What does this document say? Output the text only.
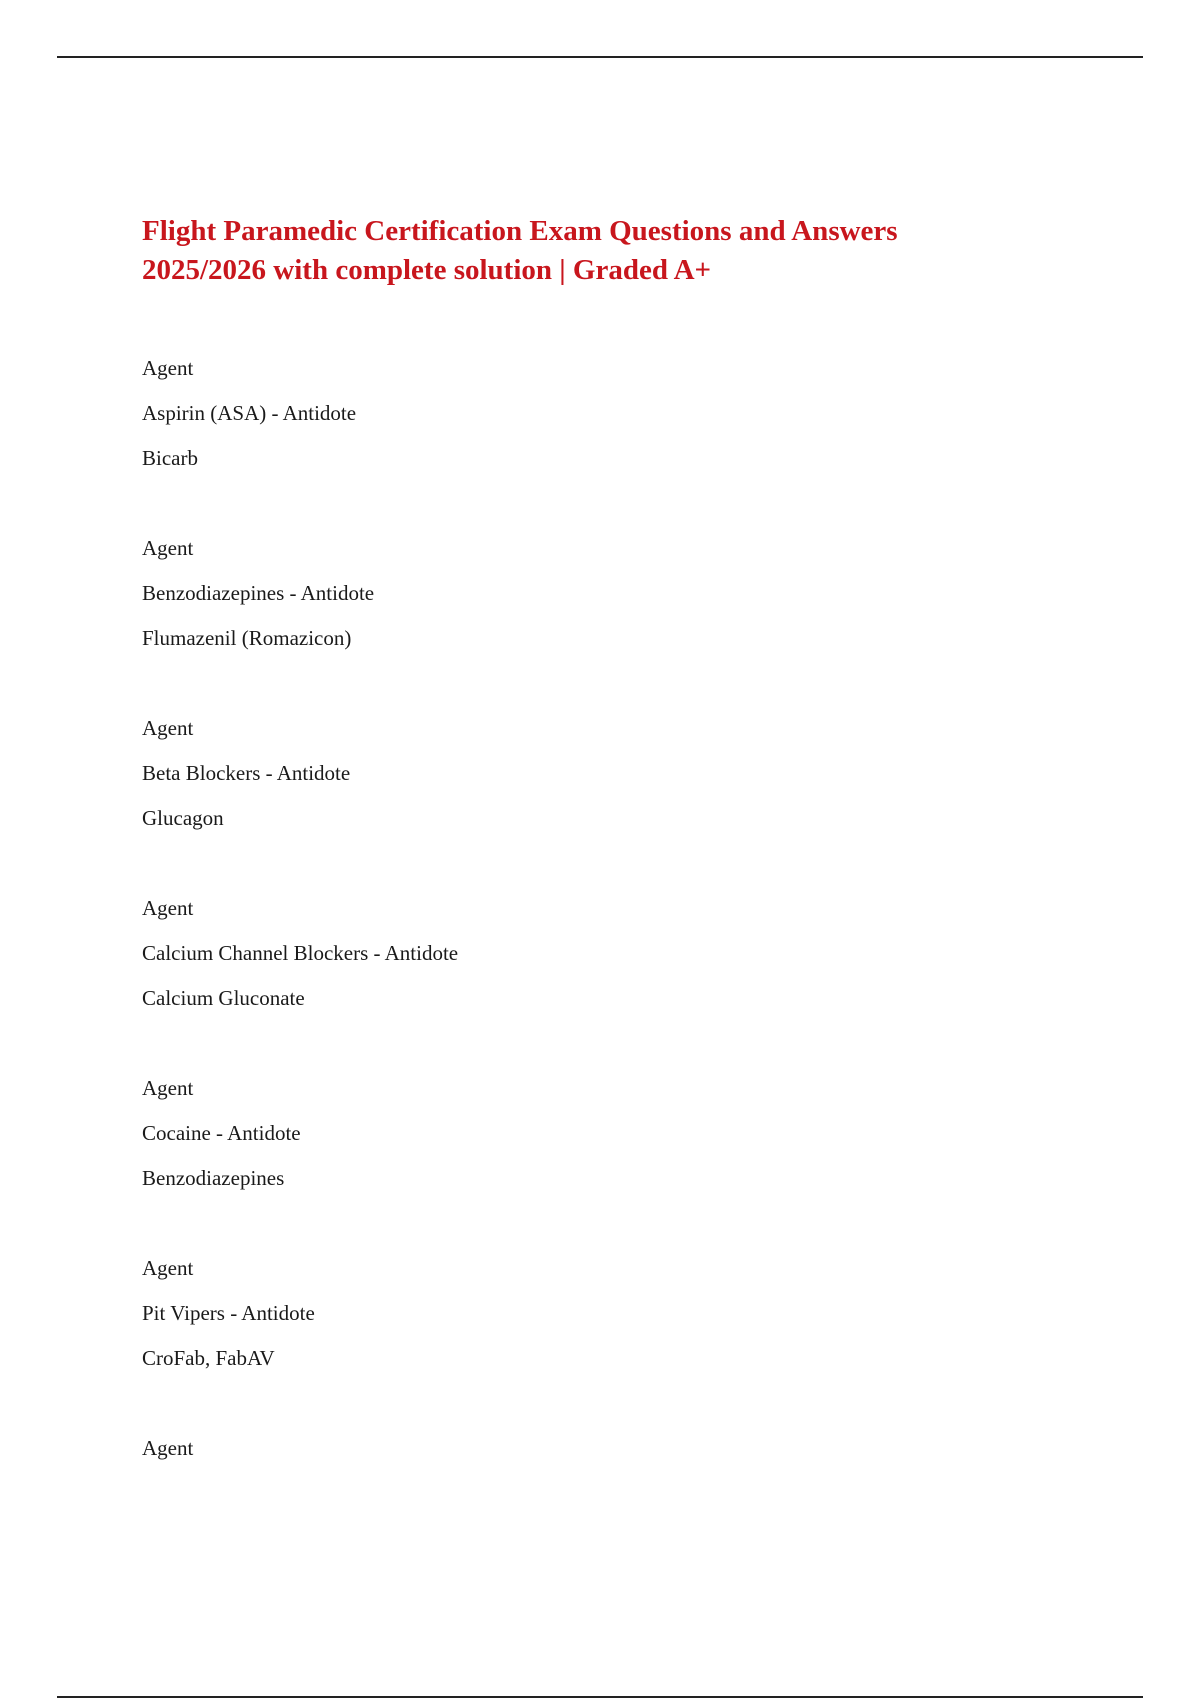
Flight Paramedic Certification Exam Questions and Answers 2025/2026 with complete solution | Graded A+
Agent
Aspirin (ASA) - Antidote
Bicarb
Agent
Benzodiazepines - Antidote
Flumazenil (Romazicon)
Agent
Beta Blockers - Antidote
Glucagon
Agent
Calcium Channel Blockers - Antidote
Calcium Gluconate
Agent
Cocaine - Antidote
Benzodiazepines
Agent
Pit Vipers - Antidote
CroFab, FabAV
Agent
